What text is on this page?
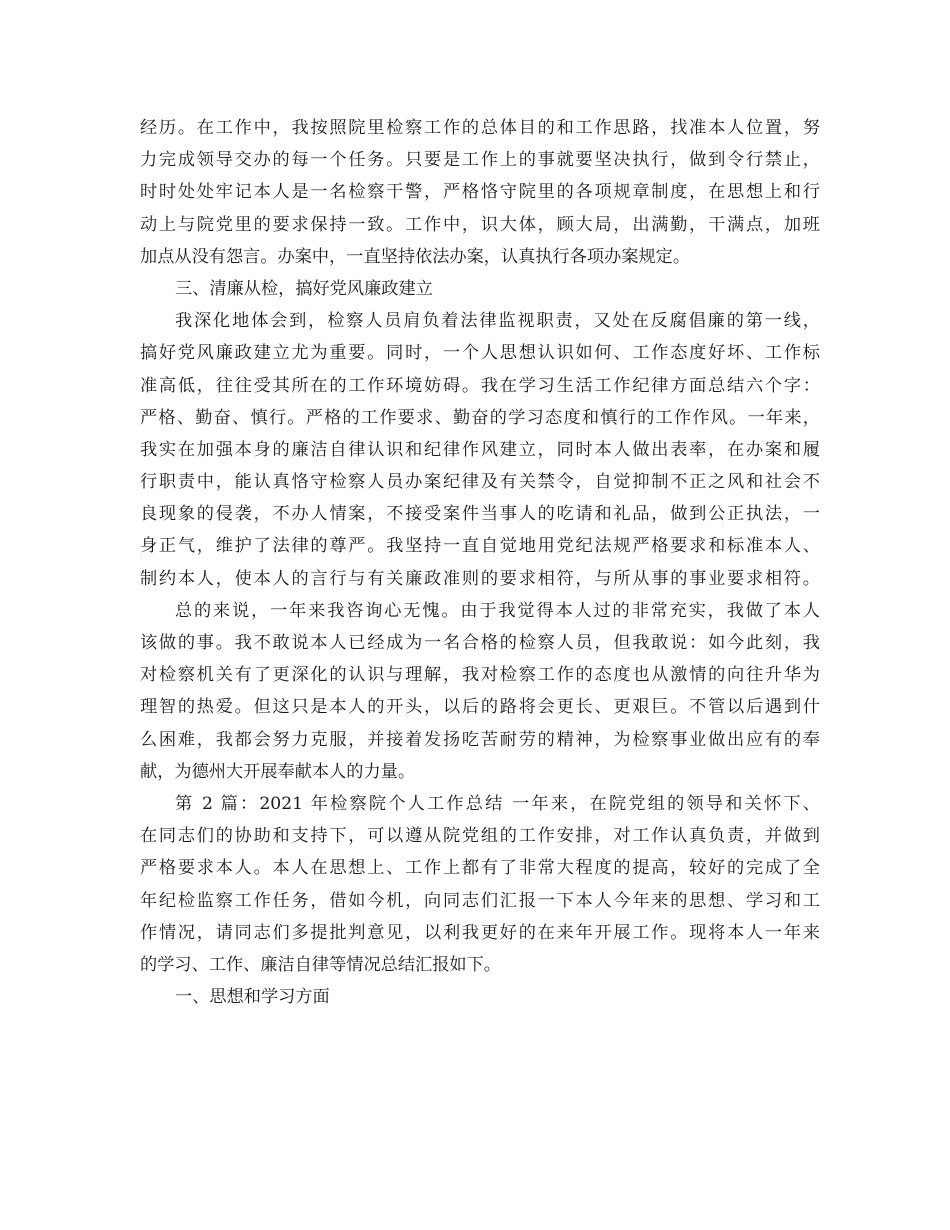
经历。在工作中，我按照院里检察工作的总体目的和工作思路，找准本人位置，努
力完成领导交办的每一个任务。只要是工作上的事就要坚决执行，做到令行禁止，
时时处处牢记本人是一名检察干警，严格恪守院里的各项规章制度，在思想上和行
动上与院党里的要求保持一致。工作中，识大体，顾大局，出满勤，干满点，加班
加点从没有怨言。办案中，一直坚持依法办案，认真执行各项办案规定。
三、清廉从检，搞好党风廉政建立
我深化地体会到，检察人员肩负着法律监视职责，又处在反腐倡廉的第一线，
搞好党风廉政建立尤为重要。同时，一个人思想认识如何、工作态度好坏、工作标
准高低，往往受其所在的工作环境妨碍。我在学习生活工作纪律方面总结六个字：
严格、勤奋、慎行。严格的工作要求、勤奋的学习态度和慎行的工作作风。一年来，
我实在加强本身的廉洁自律认识和纪律作风建立，同时本人做出表率，在办案和履
行职责中，能认真恪守检察人员办案纪律及有关禁令，自觉抑制不正之风和社会不
良现象的侵袭，不办人情案，不接受案件当事人的吃请和礼品，做到公正执法，一
身正气，维护了法律的尊严。我坚持一直自觉地用党纪法规严格要求和标准本人、
制约本人，使本人的言行与有关廉政准则的要求相符，与所从事的事业要求相符。
总的来说，一年来我咨询心无愧。由于我觉得本人过的非常充实，我做了本人
该做的事。我不敢说本人已经成为一名合格的检察人员，但我敢说：如今此刻，我
对检察机关有了更深化的认识与理解，我对检察工作的态度也从激情的向往升华为
理智的热爱。但这只是本人的开头，以后的路将会更长、更艰巨。不管以后遇到什
么困难，我都会努力克服，并接着发扬吃苦耐劳的精神，为检察事业做出应有的奉
献，为德州大开展奉献本人的力量。
第 2 篇：2021 年检察院个人工作总结 一年来，在院党组的领导和关怀下、
在同志们的协助和支持下，可以遵从院党组的工作安排，对工作认真负责，并做到
严格要求本人。本人在思想上、工作上都有了非常大程度的提高，较好的完成了全
年纪检监察工作任务，借如今机，向同志们汇报一下本人今年来的思想、学习和工
作情况，请同志们多提批判意见，以利我更好的在来年开展工作。现将本人一年来
的学习、工作、廉洁自律等情况总结汇报如下。
一、思想和学习方面
